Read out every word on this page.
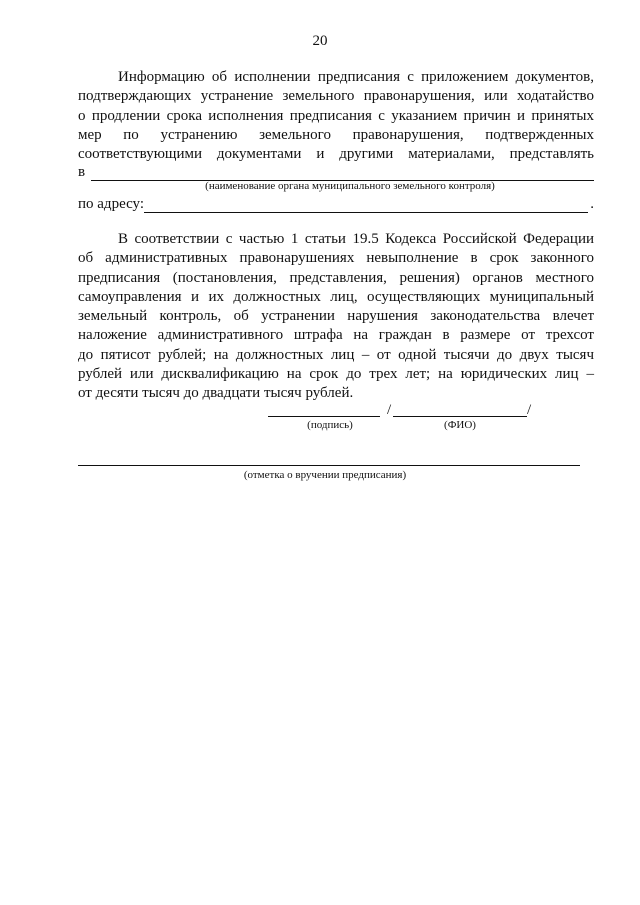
20
Информацию об исполнении предписания с приложением документов,
подтверждающих устранение земельного правонарушения, или ходатайство
о продлении срока исполнения предписания с указанием причин и принятых
мер по устранению земельного правонарушения, подтвержденных
соответствующими документами и другими материалами, представлять
в
(наименование органа муниципального земельного контроля)
по адресу:	.
В соответствии с частью 1 статьи 19.5 Кодекса Российской Федерации
об административных правонарушениях невыполнение в срок законного
предписания (постановления, представления, решения) органов местного
самоуправления и их должностных лиц, осуществляющих муниципальный
земельный контроль, об устранении нарушения законодательства влечет
наложение административного штрафа на граждан в размере от трехсот
до пятисот рублей; на должностных лиц – от одной тысячи до двух тысяч
рублей или дисквалификацию на срок до трех лет; на юридических лиц –
от десяти тысяч до двадцати тысяч рублей.
/	/
(подпись)	(ФИО)
(отметка о вручении предписания)
